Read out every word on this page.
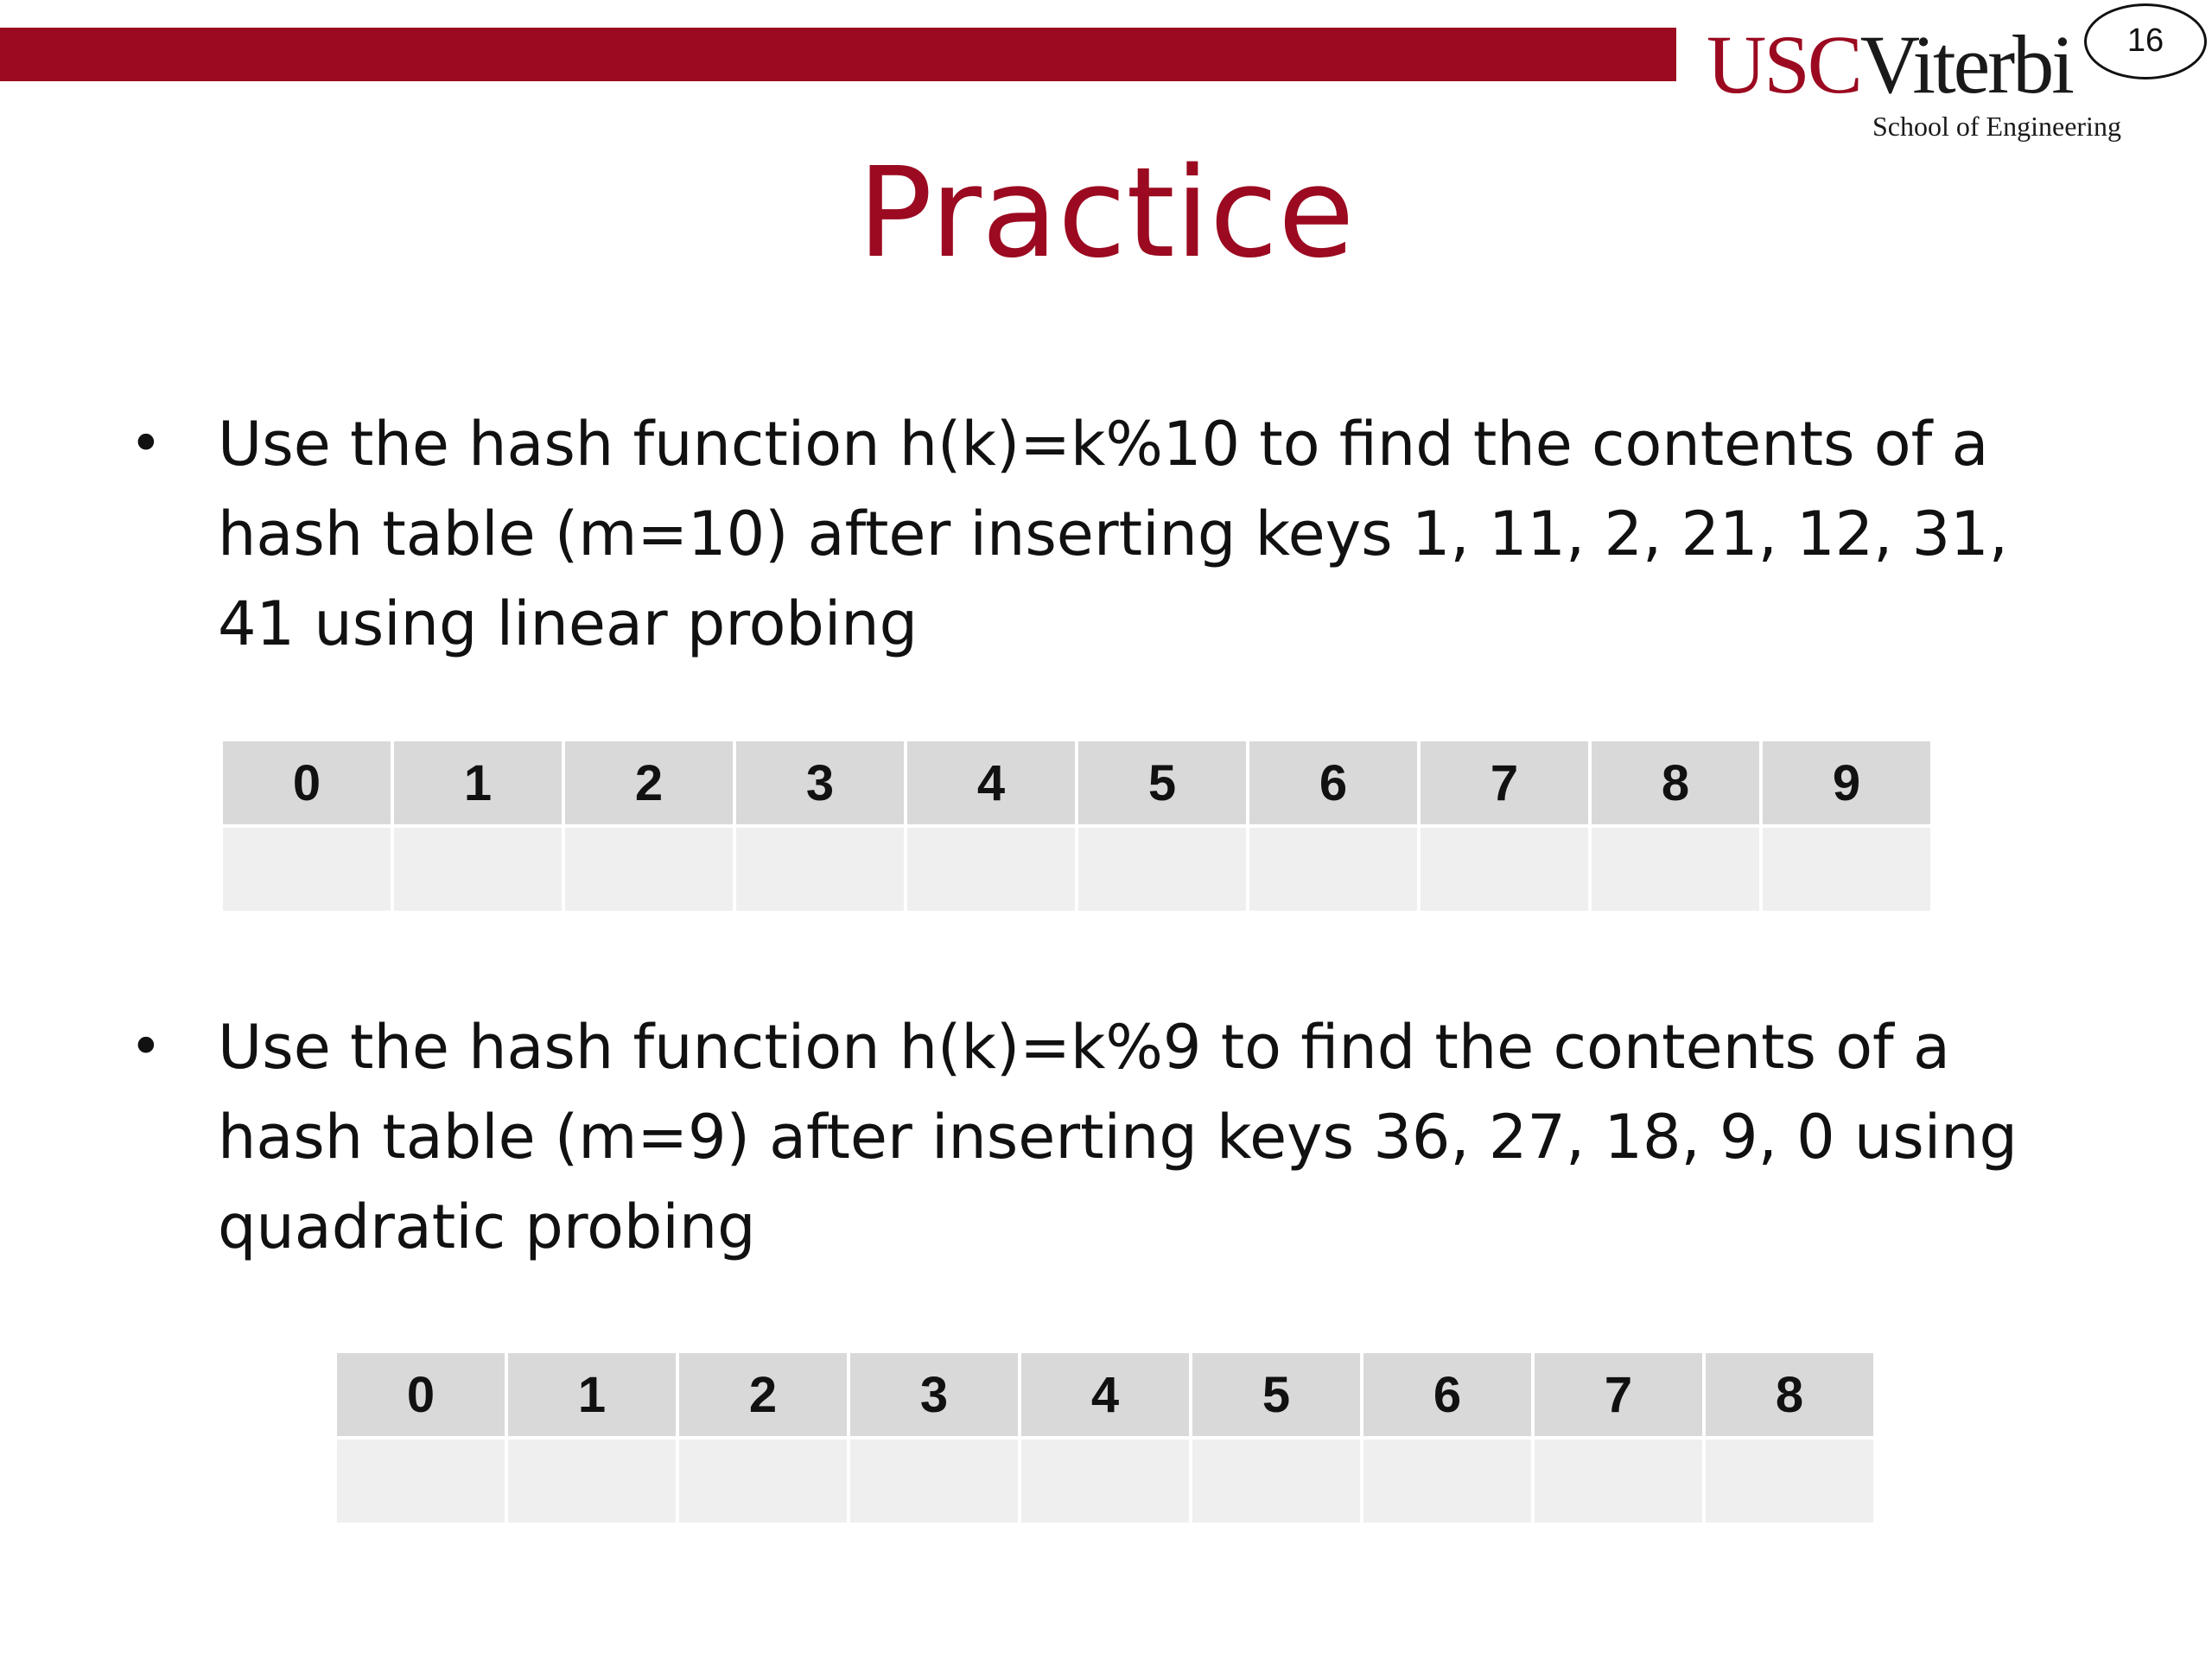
USCViterbi
School of Engineering
16
Practice
• Use the hash function h(k)=k%10 to find the contents of a hash table (m=10) after inserting keys 1, 11, 2, 21, 12, 31, 41 using linear probing
0	1	2	3	4	5	6	7	8	9

• Use the hash function h(k)=k%9 to find the contents of a hash table (m=9) after inserting keys 36, 27, 18, 9, 0 using quadratic probing
0	1	2	3	4	5	6	7	8
